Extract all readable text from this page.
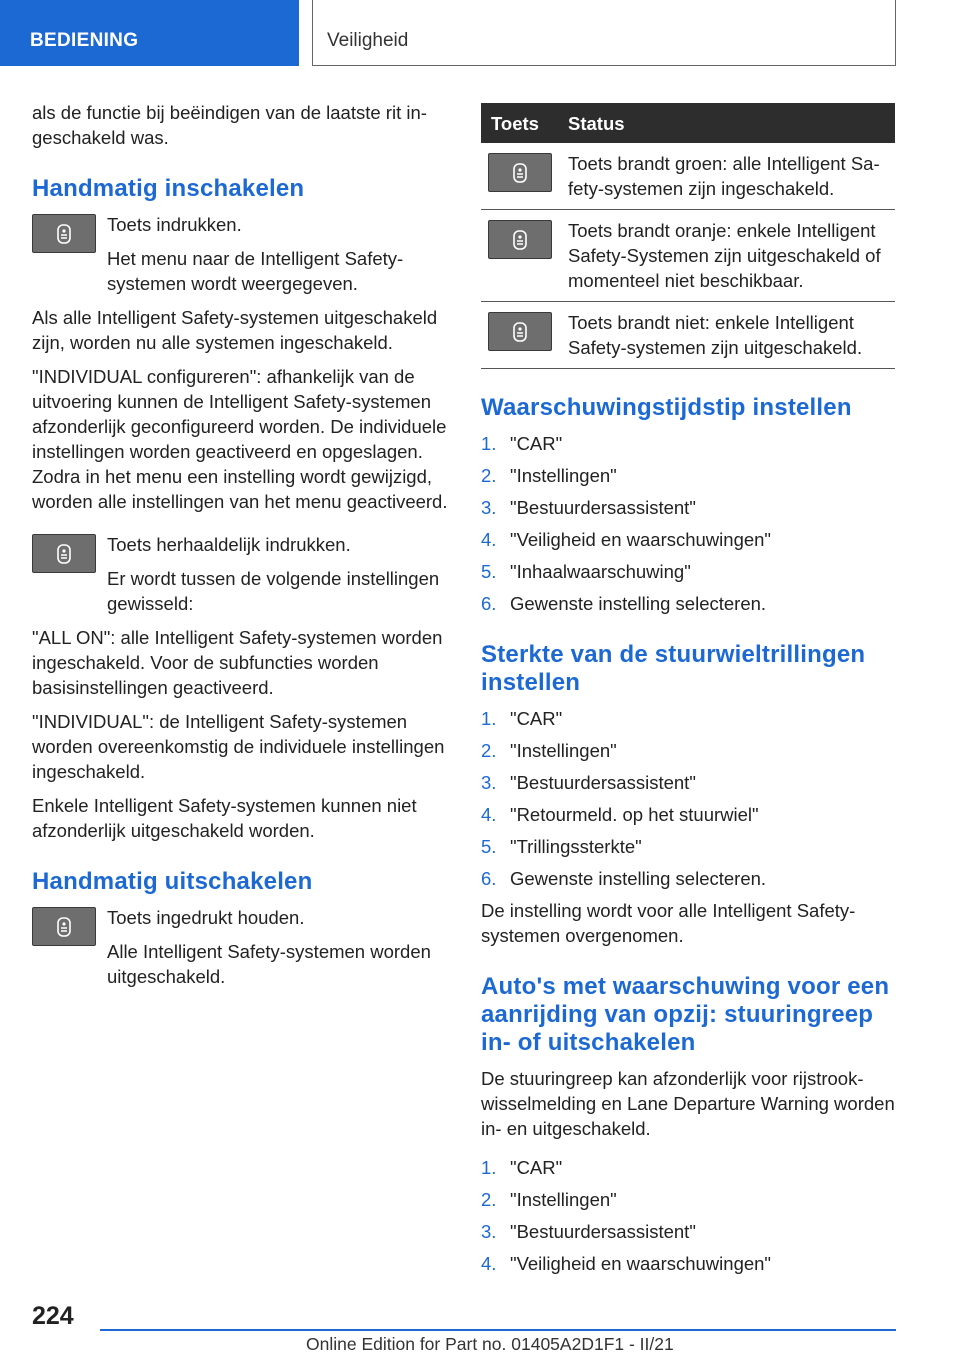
BEDIENING	Veiligheid

als de functie bij beëindigen van de laatste rit ingeschakeld was.

Handmatig inschakelen

Toets indrukken.

Het menu naar de Intelligent Safety-systemen wordt weergegeven.

Als alle Intelligent Safety-systemen uitgeschakeld zijn, worden nu alle systemen ingeschakeld.

"INDIVIDUAL configureren": afhankelijk van de uitvoering kunnen de Intelligent Safety-systemen afzonderlijk geconfigureerd worden. De individuele instellingen worden geactiveerd en opgeslagen. Zodra in het menu een instelling wordt gewijzigd, worden alle instellingen van het menu geactiveerd.

Toets herhaaldelijk indrukken.

Er wordt tussen de volgende instellingen gewisseld:

"ALL ON": alle Intelligent Safety-systemen worden ingeschakeld. Voor de subfuncties worden basisinstellingen geactiveerd.

"INDIVIDUAL": de Intelligent Safety-systemen worden overeenkomstig de individuele instellingen ingeschakeld.

Enkele Intelligent Safety-systemen kunnen niet afzonderlijk uitgeschakeld worden.

Handmatig uitschakelen

Toets ingedrukt houden.

Alle Intelligent Safety-systemen worden uitgeschakeld.

Toets	Status

	Toets brandt groen: alle Intelligent Safety-systemen zijn ingeschakeld.

	Toets brandt oranje: enkele Intelligent Safety-Systemen zijn uitgeschakeld of momenteel niet beschikbaar.

	Toets brandt niet: enkele Intelligent Safety-systemen zijn uitgeschakeld.
Waarschuwingstijdstip instellen
1. "CAR"
2. "Instellingen"
3. "Bestuurdersassistent"
4. "Veiligheid en waarschuwingen"
5. "Inhaalwaarschuwing"
6. Gewenste instelling selecteren.
Sterkte van de stuurwieltrillingen instellen
1. "CAR"
2. "Instellingen"
3. "Bestuurdersassistent"
4. "Retourmeld. op het stuurwiel"
5. "Trillingssterkte"
6. Gewenste instelling selecteren.

De instelling wordt voor alle Intelligent Safety-systemen overgenomen.

Auto's met waarschuwing voor een aanrijding van opzij: stuuringreep in- of uitschakelen

De stuuringreep kan afzonderlijk voor rijstrookwisselmelding en Lane Departure Warning worden in- en uitgeschakeld.

1. "CAR"
2. "Instellingen"
3. "Bestuurdersassistent"
4. "Veiligheid en waarschuwingen"
224
Online Edition for Part no. 01405A2D1F1 - II/21
